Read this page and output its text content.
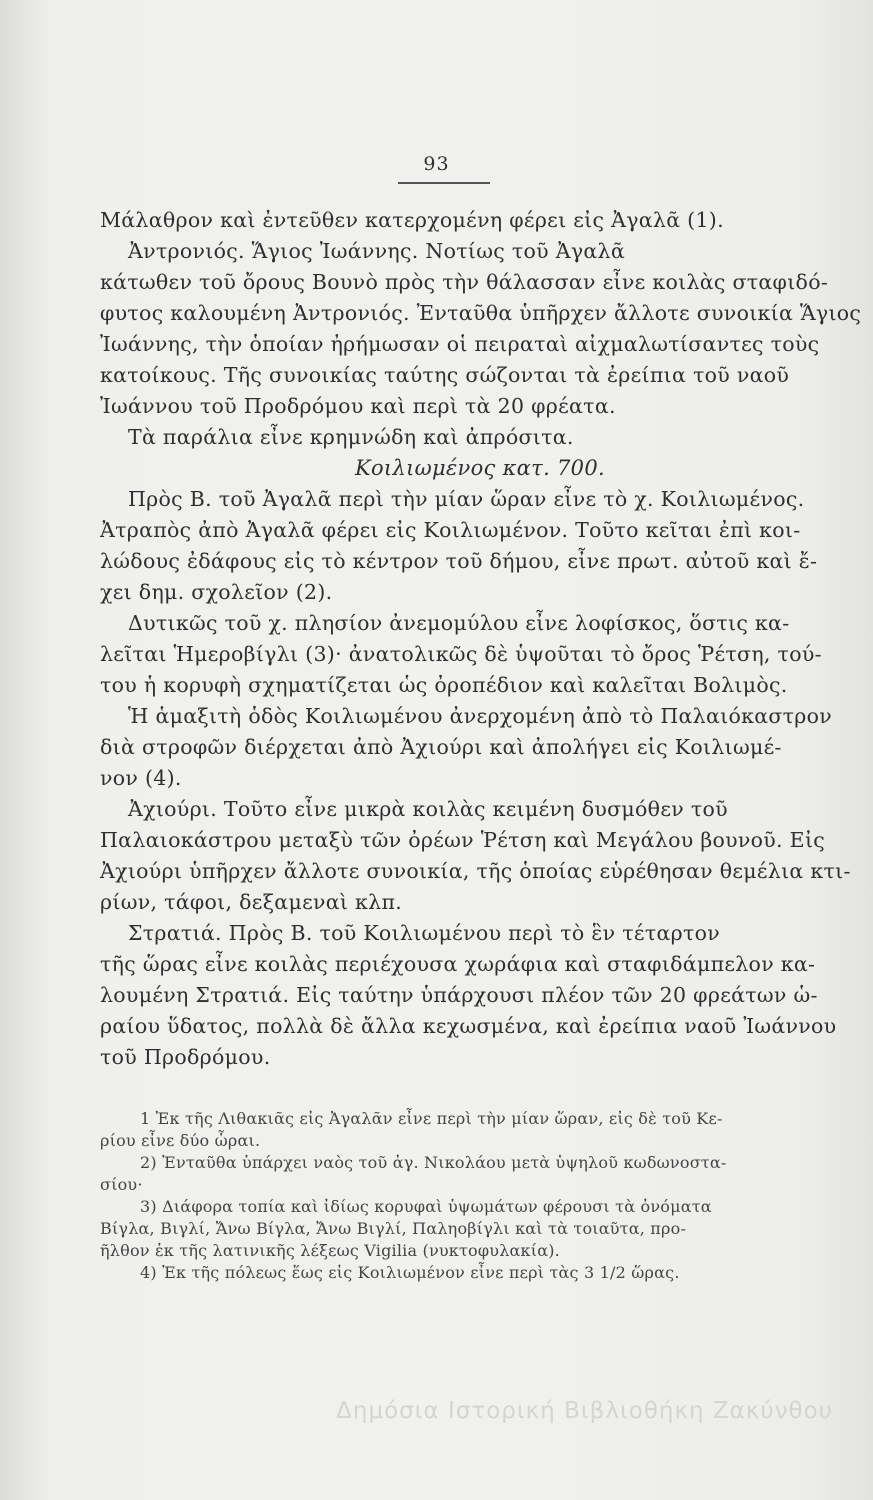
93

Μάλαθρον καὶ ἐντεῦθεν κατερχομένη φέρει εἰς Ἀγαλᾶ (1).

Ἀντρονιός. Ἅγιος Ἰωάννης. Νοτίως τοῦ Ἀγαλᾶ
κάτωθεν τοῦ ὄρους Βουνὸ πρὸς τὴν θάλασσαν εἶνε κοιλὰς σταφιδό-
φυτος καλουμένη Ἀντρονιός. Ἐνταῦθα ὑπῆρχεν ἄλλοτε συνοικία Ἅγιος
Ἰωάννης, τὴν ὁποίαν ἠρήμωσαν οἱ πειραταὶ αἰχμαλωτίσαντες τοὺς
κατοίκους. Τῆς συνοικίας ταύτης σώζονται τὰ ἐρείπια τοῦ ναοῦ
Ἰωάννου τοῦ Προδρόμου καὶ περὶ τὰ 20 φρέατα.

Τὰ παράλια εἶνε κρημνώδη καὶ ἀπρόσιτα.

Κοιλιωμένος κατ. 700.

Πρὸς Β. τοῦ Ἀγαλᾶ περὶ τὴν μίαν ὥραν εἶνε τὸ χ. Κοιλιωμένος.
Ἀτραπὸς ἀπὸ Ἀγαλᾶ φέρει εἰς Κοιλιωμένον. Τοῦτο κεῖται ἐπὶ κοι-
λώδους ἐδάφους εἰς τὸ κέντρον τοῦ δήμου, εἶνε πρωτ. αὐτοῦ καὶ ἔ-
χει δημ. σχολεῖον (2).

Δυτικῶς τοῦ χ. πλησίον ἀνεμομύλου εἶνε λοφίσκος, ὅστις κα-
λεῖται Ἡμεροβίγλι (3)· ἀνατολικῶς δὲ ὑψοῦται τὸ ὄρος Ῥέτση, τού-
του ἡ κορυφὴ σχηματίζεται ὡς ὀροπέδιον καὶ καλεῖται Βολιμὸς.

Ἡ ἁμαξιτὴ ὁδὸς Κοιλιωμένου ἀνερχομένη ἀπὸ τὸ Παλαιόκαστρον
διὰ στροφῶν διέρχεται ἀπὸ Ἀχιούρι καὶ ἀπολήγει εἰς Κοιλιωμέ-
νον (4).

Ἀχιούρι. Τοῦτο εἶνε μικρὰ κοιλὰς κειμένη δυσμόθεν τοῦ
Παλαιοκάστρου μεταξὺ τῶν ὀρέων Ῥέτση καὶ Μεγάλου βουνοῦ. Εἰς
Ἀχιούρι ὑπῆρχεν ἄλλοτε συνοικία, τῆς ὁποίας εὑρέθησαν θεμέλια κτι-
ρίων, τάφοι, δεξαμεναὶ κλπ.

Στρατιά. Πρὸς Β. τοῦ Κοιλιωμένου περὶ τὸ ἓν τέταρτον
τῆς ὥρας εἶνε κοιλὰς περιέχουσα χωράφια καὶ σταφιδάμπελον κα-
λουμένη Στρατιά. Εἰς ταύτην ὑπάρχουσι πλέον τῶν 20 φρεάτων ὡ-
ραίου ὕδατος, πολλὰ δὲ ἄλλα κεχωσμένα, καὶ ἐρείπια ναοῦ Ἰωάννου
τοῦ Προδρόμου.

1 Ἐκ τῆς Λιθακιᾶς εἰς Ἀγαλᾶν εἶνε περὶ τὴν μίαν ὥραν, εἰς δὲ τοῦ Κε-
ρίου εἶνε δύο ὧραι.
2) Ἐνταῦθα ὑπάρχει ναὸς τοῦ ἁγ. Νικολάου μετὰ ὑψηλοῦ κωδωνοστα-
σίου·
3) Διάφορα τοπία καὶ ἰδίως κορυφαὶ ὑψωμάτων φέρουσι τὰ ὀνόματα
Βίγλα, Βιγλί, Ἄνω Βίγλα, Ἄνω Βιγλί, Παληοβίγλι καὶ τὰ τοιαῦτα, προ-
ῆλθον ἐκ τῆς λατινικῆς λέξεως Vigilia (νυκτοφυλακία).
4) Ἐκ τῆς πόλεως ἕως εἰς Κοιλιωμένον εἶνε περὶ τὰς 3 1/2 ὥρας.
Δημόσια Ιστορική Βιβλιοθήκη Ζακύνθου
